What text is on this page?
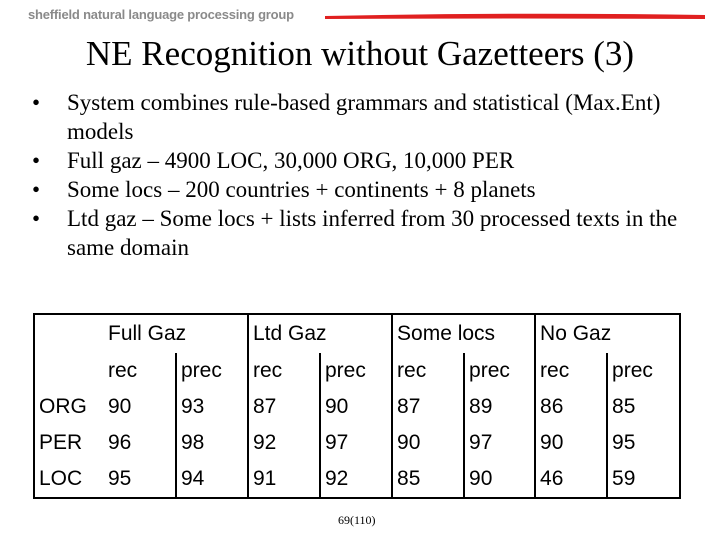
sheffield natural language processing group
NE Recognition without Gazetteers (3)
• System combines rule-based grammars and statistical (Max.Ent) models
• Full gaz – 4900 LOC, 30,000 ORG, 10,000 PER
• Some locs – 200 countries + continents + 8 planets
• Ltd gaz – Some locs + lists inferred from 30 processed texts in the same domain
	Full Gaz		Ltd Gaz		Some locs		No Gaz	
	rec	prec	rec	prec	rec	prec	rec	prec
ORG	90	93	87	90	87	89	86	85
PER	96	98	92	97	90	97	90	95
LOC	95	94	91	92	85	90	46	59
69(110)
